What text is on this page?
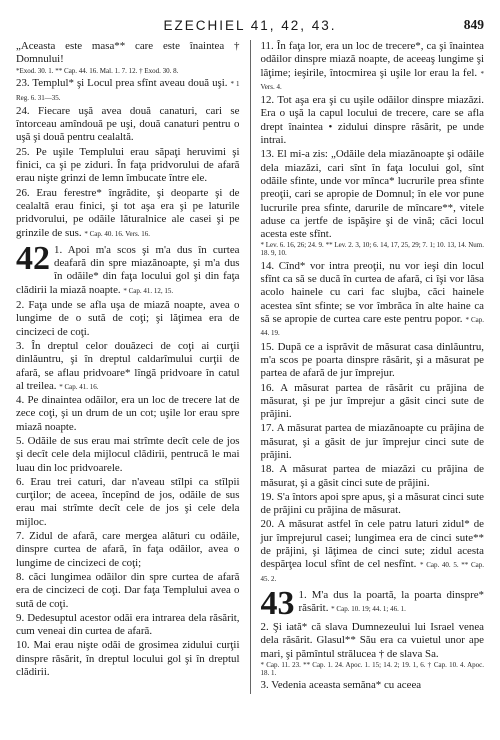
EZECHIEL 41, 42, 43.	849

„Aceasta este masa** care este înaintea † Domnului!

*Exod. 30. 1. ** Cap. 44. 16. Mal. 1. 7. 12. † Exod. 30. 8.

23. Templul* şi Locul prea sfînt aveau două uşi. * 1 Reg. 6. 31—35.

24. Fiecare uşă avea două canaturi, cari se întorceau amîndouă pe uşi, două canaturi pentru o uşă şi două pentru cealaltă.

25. Pe uşile Templului erau săpaţi heruvimi şi finici, ca şi pe ziduri. În faţa pridvorului de afară erau nişte grinzi de lemn îmbucate între ele.

26. Erau ferestre* îngrădite, şi deoparte şi de cealaltă erau finici, şi tot aşa era şi pe laturile pridvorului, pe odăile lăturalnice ale casei şi pe grinzile de sus. * Cap. 40. 16. Vers. 16.

42 1. Apoi m'a scos şi m'a dus în curtea deafară din spre miazănoapte, şi m'a dus în odăile* din faţa locului gol şi din faţa clădirii la miază noapte. * Cap. 41. 12, 15.

2. Faţa unde se afla uşa de miază noapte, avea o lungime de o sută de coţi; şi lăţimea era de cincizeci de coţi.

3. În dreptul celor douăzeci de coţi ai curţii dinlăuntru, şi în dreptul caldarîmului curţii de afară, se aflau pridvoare* lîngă pridvoare în catul al treilea. * Cap. 41. 16.

4. Pe dinaintea odăilor, era un loc de trecere lat de zece coţi, şi un drum de un cot; uşile lor erau spre miază noapte.

5. Odăile de sus erau mai strîmte decît cele de jos şi decît cele dela mijlocul clădirii, pentrucă le mai luau din loc pridvoarele.

6. Erau trei caturi, dar n'aveau stîlpi ca stîlpii curţilor; de aceea, începînd de jos, odăile de sus erau mai strîmte decît cele de jos şi cele dela mijloc.

7. Zidul de afară, care mergea alături cu odăile, dinspre curtea de afară, în faţa odăilor, avea o lungime de cincizeci de coţi;

8. căci lungimea odăilor din spre curtea de afară era de cincizeci de coţi. Dar faţa Templului avea o sută de coţi.

9. Dedesuptul acestor odăi era intrarea dela răsărit, cum veneai din curtea de afară.

10. Mai erau nişte odăi de grosimea zidului curţii dinspre răsărit, în dreptul locului gol şi în dreptul clădirii.

11. În faţa lor, era un loc de trecere*, ca şi înaintea odăilor dinspre miază noapte, de aceeaş lungime şi lăţime; ieşirile, întocmirea şi uşile lor erau la fel. * Vers. 4.

12. Tot aşa era şi cu uşile odăilor dinspre miazăzi. Era o uşă la capul locului de trecere, care se afla drept înaintea • zidului dinspre răsărit, pe unde intrai.

13. El mi-a zis: „Odăile dela miazănoapte şi odăile dela miazăzi, cari sînt în faţa locului gol, sînt odăile sfinte, unde vor mînca* lucrurile prea sfinte preoţii, cari se apropie de Domnul; în ele vor pune lucrurile prea sfinte, darurile de mîncare**, vitele aduse ca jertfe de ispăşire şi de vină; căci locul acesta este sfînt.

* Lev. 6. 16, 26; 24. 9. ** Lev. 2. 3, 10; 6. 14, 17, 25, 29; 7. 1; 10. 13, 14. Num. 18. 9, 10.

14. Cînd* vor intra preoţii, nu vor ieşi din locul sfînt ca să se ducă în curtea de afară, ci îşi vor lăsa acolo hainele cu cari fac slujba, căci hainele acestea sînt sfinte; se vor îmbrăca în alte haine ca să se apropie de curtea care este pentru popor. * Cap. 44. 19.

15. După ce a isprăvit de măsurat casa dinlăuntru, m'a scos pe poarta dinspre răsărit, şi a măsurat pe partea de afară de jur împrejur.

16. A măsurat partea de răsărit cu prăjina de măsurat, şi pe jur împrejur a găsit cinci sute de prăjini.

17. A măsurat partea de miazănoapte cu prăjina de măsurat, şi a găsit de jur împrejur cinci sute de prăjini.

18. A măsurat partea de miazăzi cu prăjina de măsurat, şi a găsit cinci sute de prăjini.

19. S'a întors apoi spre apus, şi a măsurat cinci sute de prăjini cu prăjina de măsurat.

20. A măsurat astfel în cele patru laturi zidul* de jur împrejurul casei; lungimea era de cinci sute** de prăjini, şi lăţimea de cinci sute; zidul acesta despărţea locul sfînt de cel nesfînt. * Cap. 40. 5. ** Cap. 45. 2.

43 1. M'a dus la poartă, la poarta dinspre* răsărit. * Cap. 10. 19; 44. 1; 46. 1.

2. Şi iată* că slava Dumnezeului lui Israel venea dela răsărit. Glasul** Său era ca vuietul unor ape mari, şi pămîntul strălucea † de slava Sa.

* Cap. 11. 23. ** Cap. 1. 24. Apoc. 1. 15; 14. 2; 19. 1, 6. † Cap. 10. 4. Apoc. 18. 1.

3. Vedenia aceasta semăna* cu aceea
